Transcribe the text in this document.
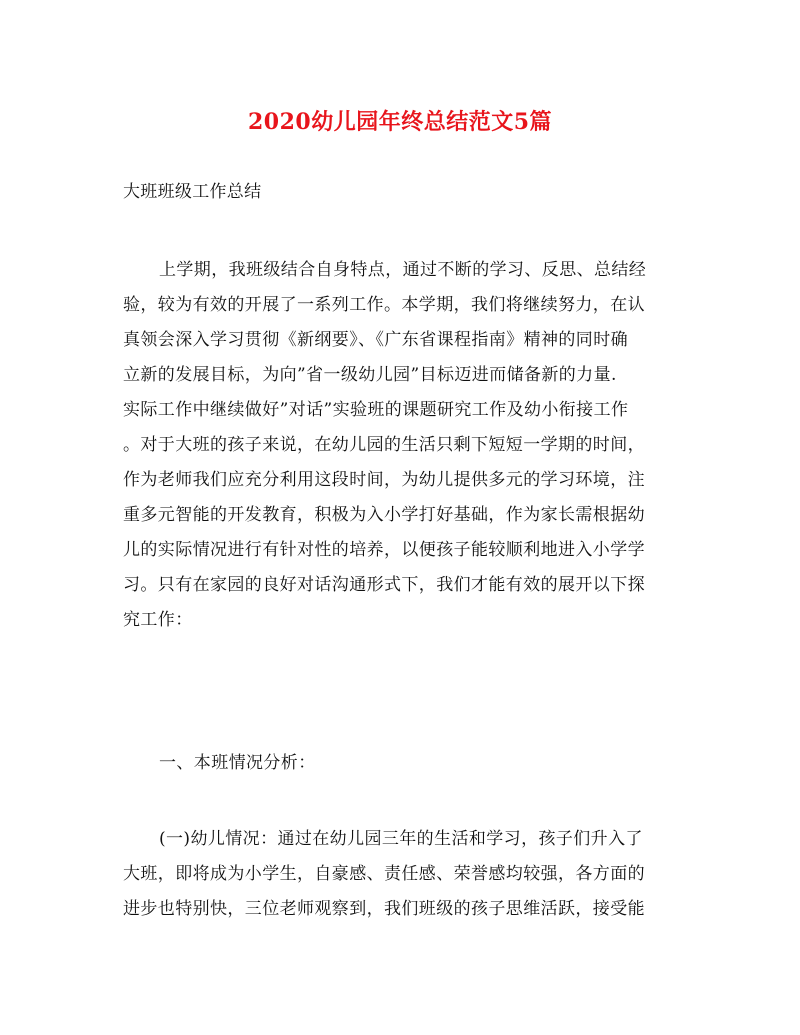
2020幼儿园年终总结范文5篇
大班班级工作总结
上学期，我班级结合自身特点，通过不断的学习、反思、总结经
验，较为有效的开展了一系列工作。本学期，我们将继续努力，在认
真领会深入学习贯彻《新纲要》、《广东省课程指南》精神的同时确
立新的发展目标，为向”省一级幼儿园”目标迈进而储备新的力量.
实际工作中继续做好”对话”实验班的课题研究工作及幼小衔接工作
。对于大班的孩子来说，在幼儿园的生活只剩下短短一学期的时间，
作为老师我们应充分利用这段时间，为幼儿提供多元的学习环境，注
重多元智能的开发教育，积极为入小学打好基础，作为家长需根据幼
儿的实际情况进行有针对性的培养，以便孩子能较顺利地进入小学学
习。只有在家园的良好对话沟通形式下，我们才能有效的展开以下探
究工作：
一、本班情况分析：
(一)幼儿情况：通过在幼儿园三年的生活和学习，孩子们升入了
大班，即将成为小学生，自豪感、责任感、荣誉感均较强，各方面的
进步也特别快，三位老师观察到，我们班级的孩子思维活跃，接受能
